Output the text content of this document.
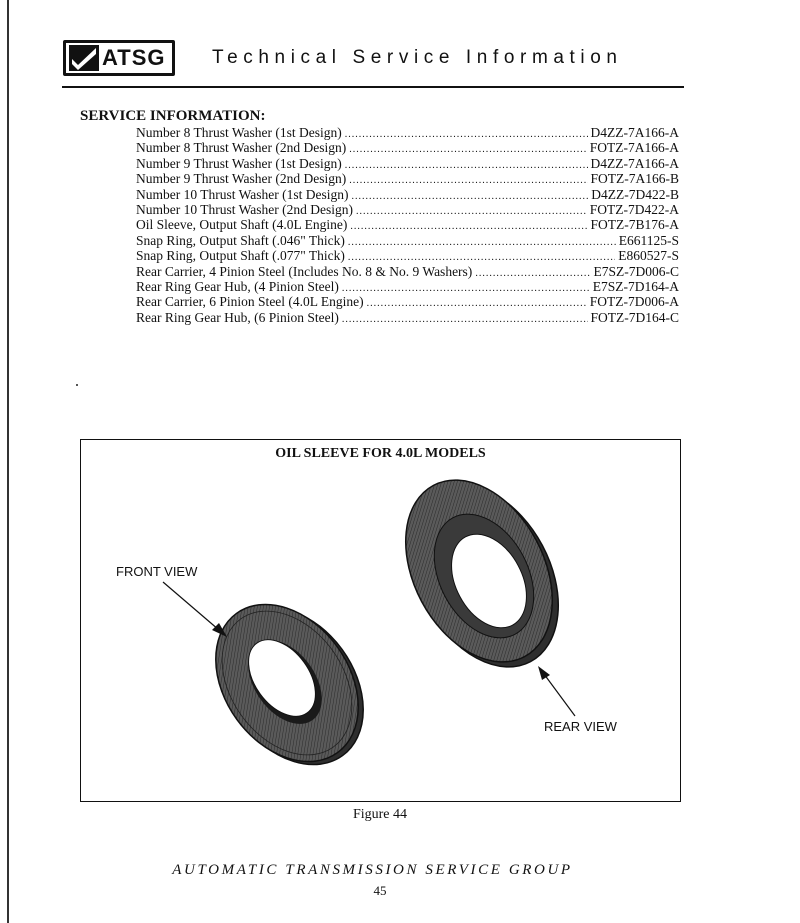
ATSG Technical Service Information
SERVICE INFORMATION:
Number 8 Thrust Washer (1st Design) .....	D4ZZ-7A166-A
Number 8 Thrust Washer (2nd Design) .....	FOTZ-7A166-A
Number 9 Thrust Washer (1st Design) .....	D4ZZ-7A166-A
Number 9 Thrust Washer (2nd Design) .....	FOTZ-7A166-B
Number 10 Thrust Washer (1st Design) .....	D4ZZ-7D422-B
Number 10 Thrust Washer (2nd Design) .....	FOTZ-7D422-A
Oil Sleeve, Output Shaft (4.0L Engine) .....	FOTZ-7B176-A
Snap Ring, Output Shaft (.046" Thick) .....	E661125-S
Snap Ring, Output Shaft (.077" Thick) .....	E860527-S
Rear Carrier, 4 Pinion Steel (Includes No. 8 & No. 9 Washers) .....	E7SZ-7D006-C
Rear Ring Gear Hub, (4 Pinion Steel) .....	E7SZ-7D164-A
Rear Carrier, 6 Pinion Steel (4.0L Engine) .....	FOTZ-7D006-A
Rear Ring Gear Hub, (6 Pinion Steel) .....	FOTZ-7D164-C
OIL SLEEVE FOR 4.0L MODELS
FRONT VIEW
REAR VIEW
Figure 44
AUTOMATIC TRANSMISSION SERVICE GROUP
45
